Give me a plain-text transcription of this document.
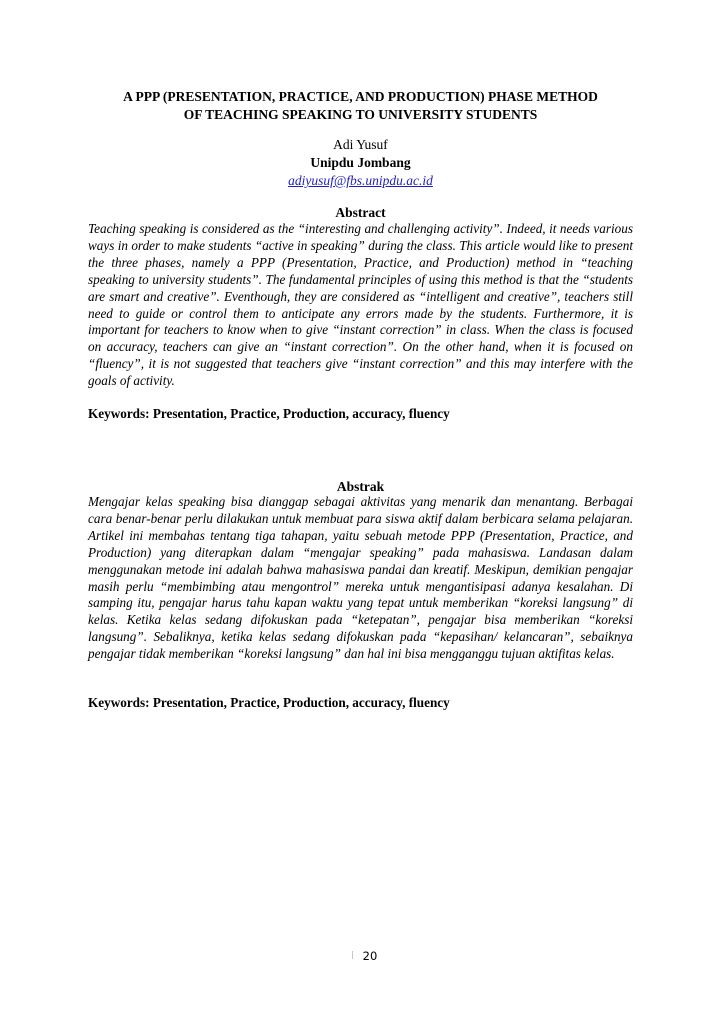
A PPP (PRESENTATION, PRACTICE, AND PRODUCTION) PHASE METHOD
OF TEACHING SPEAKING TO UNIVERSITY STUDENTS
Adi Yusuf
Unipdu Jombang
adiyusuf@fbs.unipdu.ac.id
Abstract

Teaching speaking is considered as the “interesting and challenging activity”. Indeed, it needs various ways in order to make students “active in speaking” during the class. This article would like to present the three phases, namely a PPP (Presentation, Practice, and Production) method in “teaching speaking to university students”. The fundamental principles of using this method is that the “students are smart and creative”. Eventhough, they are considered as “intelligent and creative”, teachers still need to guide or control them to anticipate any errors made by the students. Furthermore, it is important for teachers to know when to give “instant correction” in class. When the class is focused on accuracy, teachers can give an “instant correction”. On the other hand, when it is focused on “fluency”, it is not suggested that teachers give “instant correction” and this may interfere with the goals of activity.

Keywords: Presentation, Practice, Production, accuracy, fluency
Abstrak

Mengajar kelas speaking bisa dianggap sebagai aktivitas yang menarik dan menantang. Berbagai cara benar-benar perlu dilakukan untuk membuat para siswa aktif dalam berbicara selama pelajaran. Artikel ini membahas tentang tiga tahapan, yaitu sebuah metode PPP (Presentation, Practice, and Production) yang diterapkan dalam “mengajar speaking” pada mahasiswa. Landasan dalam menggunakan metode ini adalah bahwa mahasiswa pandai dan kreatif. Meskipun, demikian pengajar masih perlu “membimbing atau mengontrol” mereka untuk mengantisipasi adanya kesalahan. Di samping itu, pengajar harus tahu kapan waktu yang tepat untuk memberikan “koreksi langsung” di kelas. Ketika kelas sedang difokuskan pada “ketepatan”, pengajar bisa memberikan “koreksi langsung”. Sebaliknya, ketika kelas sedang difokuskan pada “kepasihan/ kelancaran”, sebaiknya pengajar tidak memberikan “koreksi langsung” dan hal ini bisa mengganggu tujuan aktifitas kelas.

Keywords: Presentation, Practice, Production, accuracy, fluency
20
